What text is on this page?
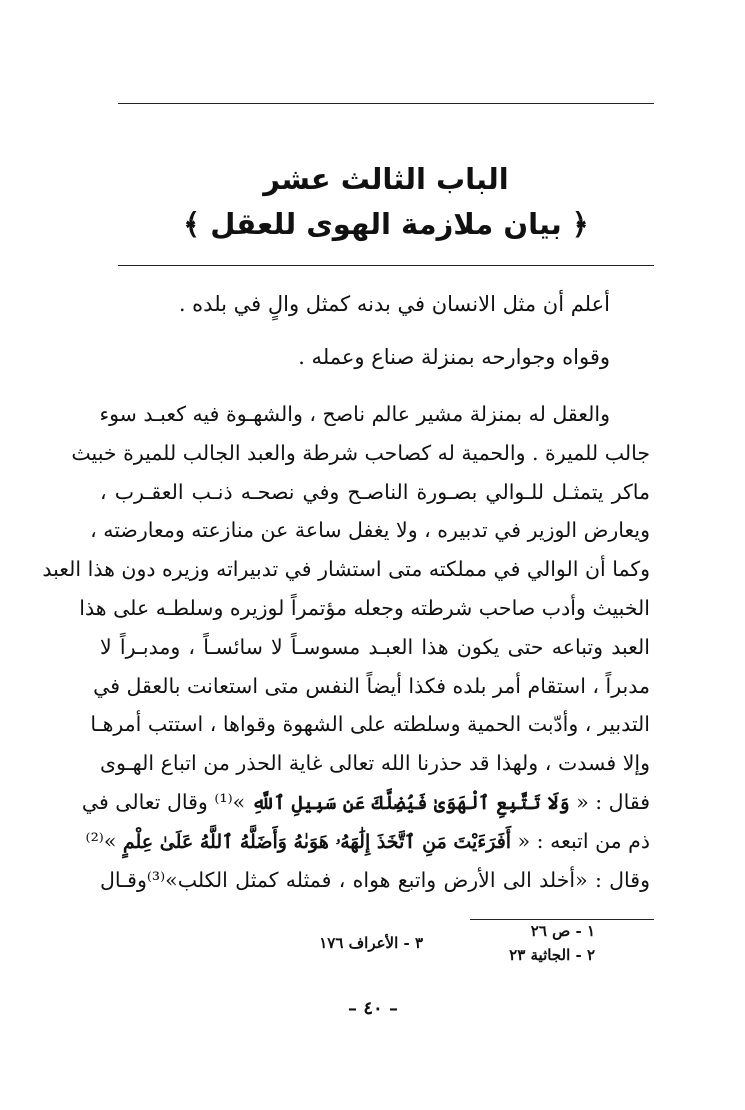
الباب الثالث عشر
﴿ بيان ملازمة الهوى للعقل ﴾
أعلم أن مثل الانسان في بدنه كمثل والٍ في بلده .
وقواه وجوارحه بمنزلة صناع وعمله .
والعقل له بمنزلة مشير عالم ناصح ، والشهـوة فيه كعبـد سوء
جالب للميرة . والحمية له كصاحب شرطة والعبد الجالب للميرة خبيث
ماكر يتمثـل للـوالي بصـورة الناصـح وفي نصحـه ذنـب العقـرب ،
ويعارض الوزير في تدبيره ، ولا يغفل ساعة عن منازعته ومعارضته ،
وكما أن الوالي في مملكته متى استشار في تدبيراته وزيره دون هذا العبد
الخبيث وأدب صاحب شرطته وجعله مؤتمراً لوزيره وسلطـه على هذا
العبد وتباعه حتى يكون هذا العبـد مسوسـاً لا سائسـاً ، ومدبـراً لا
مدبراً ، استقام أمر بلده فكذا أيضاً النفس متى استعانت بالعقل في
التدبير ، وأدّبت الحمية وسلطته على الشهوة وقواها ، استتب أمرهـا
وإلا فسدت ، ولهذا قد حذرنا الله تعالى غاية الحذر من اتباع الهـوى
فقال : « وَلَا تَتَّبِعِ ٱلْهَوَىٰ فَيُضِلَّكَ عَن سَبِيلِ ٱللَّهِ »⁽¹⁾ وقال تعالى في
ذم من اتبعه : « أَفَرَءَيْتَ مَنِ ٱتَّخَذَ إِلَٰهَهُۥ هَوَىٰهُ وَأَضَلَّهُ ٱللَّهُ عَلَىٰ عِلْمٍ »⁽²⁾
وقال : «أخلد الى الأرض واتبع هواه ، فمثله كمثل الكلب»⁽³⁾وقـال
١ - ص ٢٦
٢ - الجاثية ٢٣
٣ - الأعراف ١٧٦
– ٤٠ –
